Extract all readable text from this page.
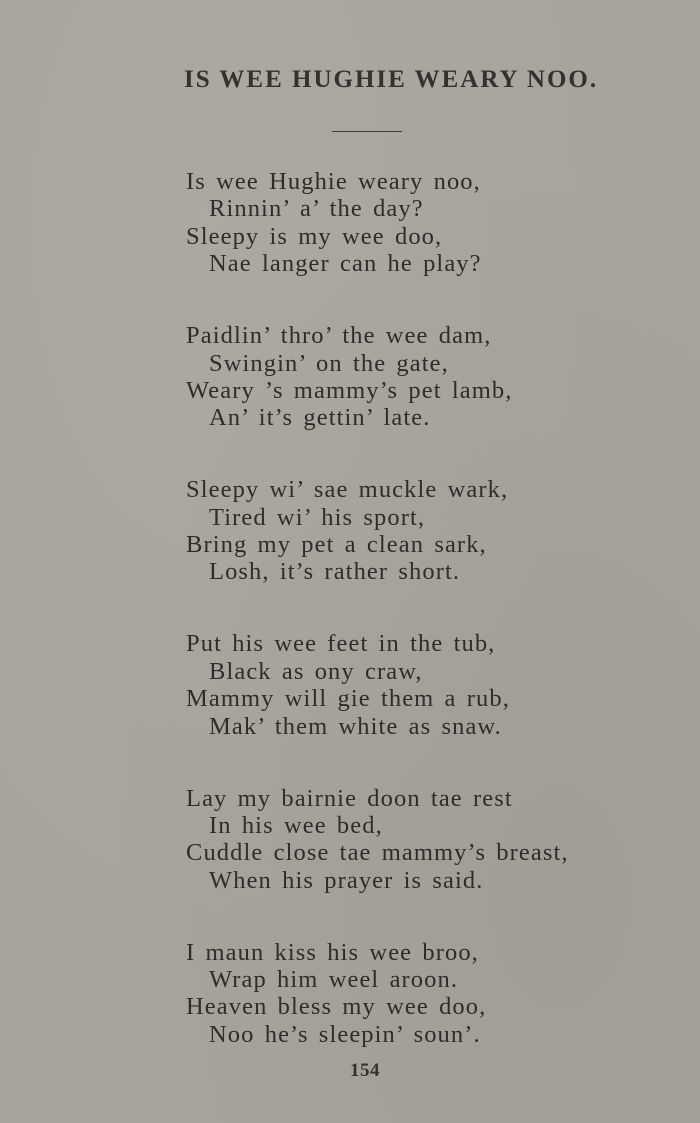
IS WEE HUGHIE WEARY NOO.
Is wee Hughie weary noo,
Rinnin’ a’ the day?
Sleepy is my wee doo,
Nae langer can he play?
Paidlin’ thro’ the wee dam,
Swingin’ on the gate,
Weary ’s mammy’s pet lamb,
An’ it’s gettin’ late.
Sleepy wi’ sae muckle wark,
Tired wi’ his sport,
Bring my pet a clean sark,
Losh, it’s rather short.
Put his wee feet in the tub,
Black as ony craw,
Mammy will gie them a rub,
Mak’ them white as snaw.
Lay my bairnie doon tae rest
In his wee bed,
Cuddle close tae mammy’s breast,
When his prayer is said.
I maun kiss his wee broo,
Wrap him weel aroon.
Heaven bless my wee doo,
Noo he’s sleepin’ soun’.
154
